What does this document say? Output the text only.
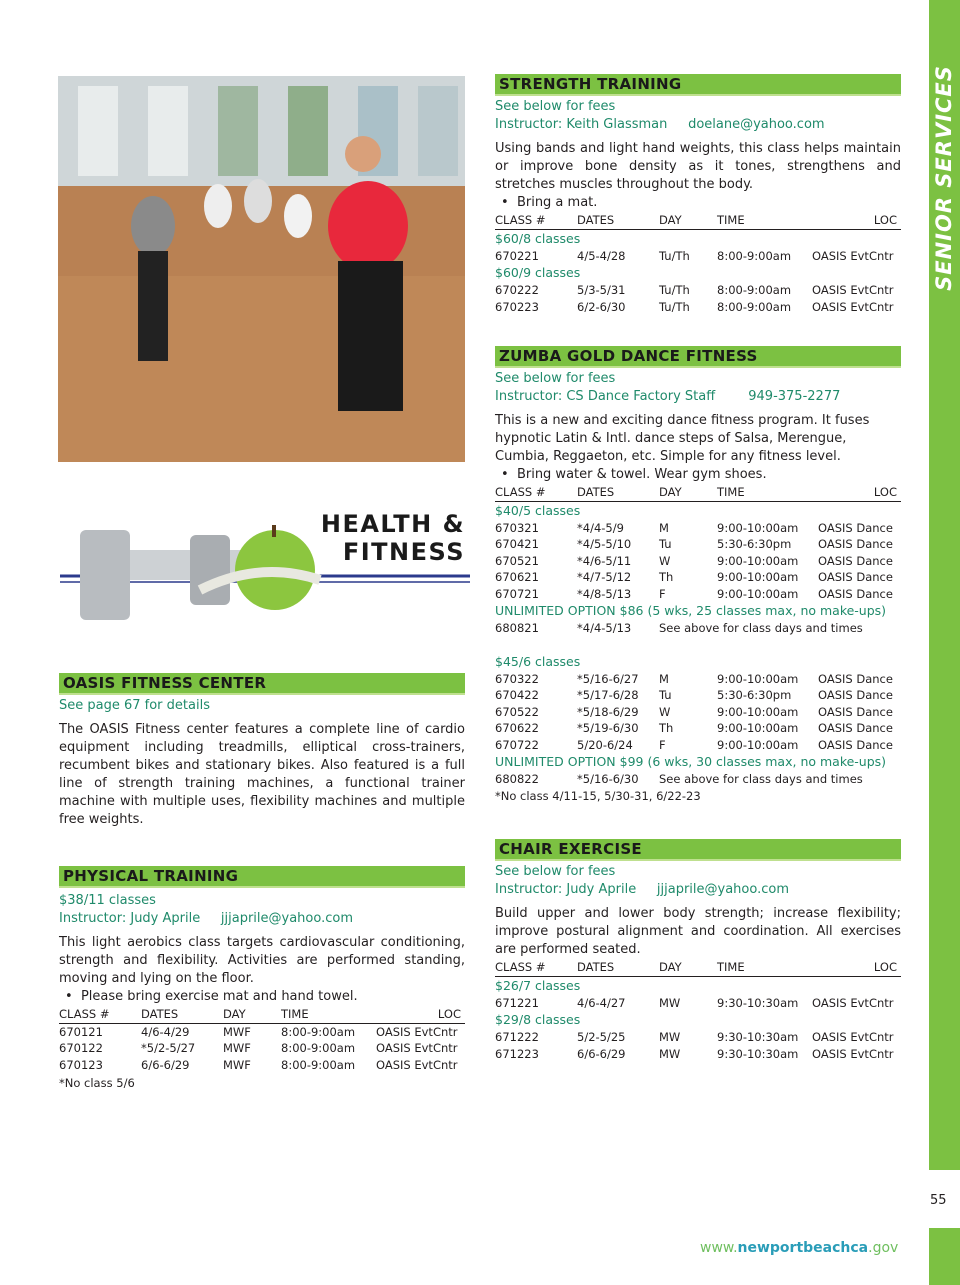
SENIOR SERVICES
55
HEALTH &
FITNESS
STRENGTH TRAINING
See below for fees
Instructor: Keith Glassman doelane@yahoo.com
Using bands and light hand weights, this class helps maintain or improve bone density as it tones, strengthens and stretches muscles throughout the body.
•  Bring a mat.
CLASS #	DATES	DAY	TIME	LOC
$60/8 classes				
670221	4/5-4/28	Tu/Th	8:00-9:00am	OASIS EvtCntr
$60/9 classes				
670222	5/3-5/31	Tu/Th	8:00-9:00am	OASIS EvtCntr
670223	6/2-6/30	Tu/Th	8:00-9:00am	OASIS EvtCntr
ZUMBA GOLD DANCE FITNESS
See below for fees
Instructor: CS Dance Factory Staff	949-375-2277
This is a new and exciting dance fitness program. It fuses hypnotic Latin & Intl. dance steps of Salsa, Merengue, Cumbia, Reggaeton, etc. Simple for any fitness level.
•  Bring water & towel. Wear gym shoes.
CLASS #	DATES	DAY	TIME	LOC
$40/5 classes				
670321	*4/4-5/9	M	9:00-10:00am	OASIS Dance
670421	*4/5-5/10	Tu	5:30-6:30pm	OASIS Dance
670521	*4/6-5/11	W	9:00-10:00am	OASIS Dance
670621	*4/7-5/12	Th	9:00-10:00am	OASIS Dance
670721	*4/8-5/13	F	9:00-10:00am	OASIS Dance
UNLIMITED OPTION $86 (5 wks, 25 classes max, no make-ups)				
680821	*4/4-5/13	See above for class days and times		

$45/6 classes				
670322	*5/16-6/27	M	9:00-10:00am	OASIS Dance
670422	*5/17-6/28	Tu	5:30-6:30pm	OASIS Dance
670522	*5/18-6/29	W	9:00-10:00am	OASIS Dance
670622	*5/19-6/30	Th	9:00-10:00am	OASIS Dance
670722	5/20-6/24	F	9:00-10:00am	OASIS Dance
UNLIMITED OPTION $99 (6 wks, 30 classes max, no make-ups)				
680822	*5/16-6/30	See above for class days and times		
*No class 4/11-15, 5/30-31, 6/22-23				
OASIS FITNESS CENTER
See page 67 for details
The OASIS Fitness center features a complete line of cardio equipment including treadmills, elliptical cross-trainers, recumbent bikes and stationary bikes. Also featured is a full line of strength training machines, a functional trainer machine with multiple uses, flexibility machines and multiple free weights.
PHYSICAL TRAINING
$38/11 classes
Instructor: Judy Aprile jjjaprile@yahoo.com
This light aerobics class targets cardiovascular conditioning, strength and flexibility. Activities are performed standing, moving and lying on the floor.
•  Please bring exercise mat and hand towel.
CLASS #	DATES	DAY	TIME	LOC
670121	4/6-4/29	MWF	8:00-9:00am	OASIS EvtCntr
670122	*5/2-5/27	MWF	8:00-9:00am	OASIS EvtCntr
670123	6/6-6/29	MWF	8:00-9:00am	OASIS EvtCntr
*No class 5/6				
CHAIR EXERCISE
See below for fees
Instructor: Judy Aprile jjjaprile@yahoo.com
Build upper and lower body strength; increase flexibility; improve postural alignment and coordination. All exercises are performed seated.
CLASS #	DATES	DAY	TIME	LOC
$26/7 classes				
671221	4/6-4/27	MW	9:30-10:30am	OASIS EvtCntr
$29/8 classes				
671222	5/2-5/25	MW	9:30-10:30am	OASIS EvtCntr
671223	6/6-6/29	MW	9:30-10:30am	OASIS EvtCntr
www.newportbeachca.gov
